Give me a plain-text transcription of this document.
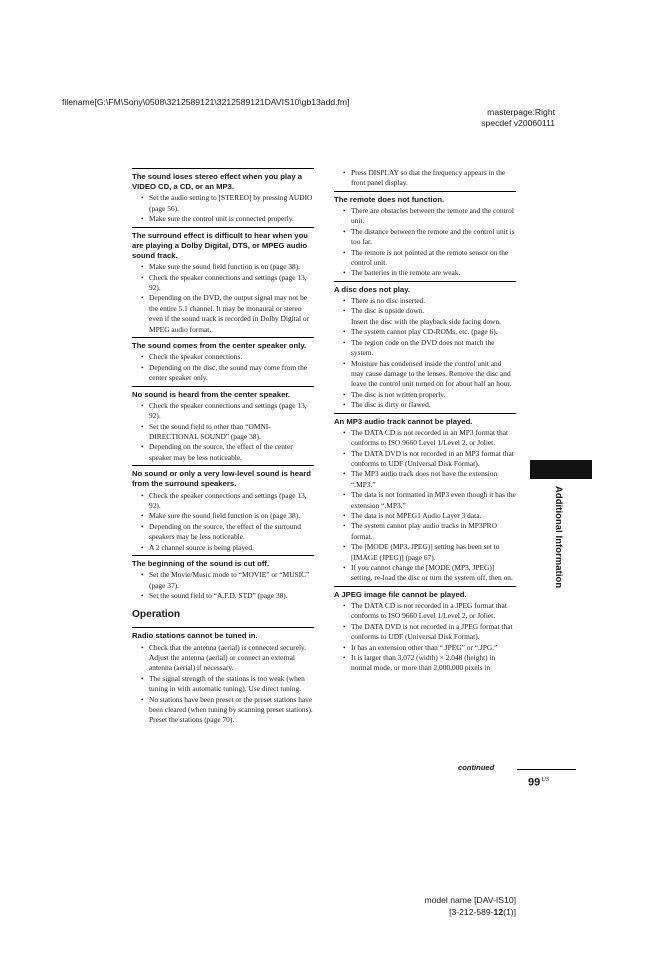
filename[G:\FM\Sony\0508\3212589121\3212589121DAVIS10\gb13add.fm]
masterpage:Right
specdef v20060111
The sound loses stereo effect when you play a VIDEO CD, a CD, or an MP3.
• Set the audio setting to [STEREO] by pressing AUDIO (page 56).
• Make sure the control unit is connected properly.
The surround effect is difficult to hear when you are playing a Dolby Digital, DTS, or MPEG audio sound track.
• Make sure the sound field function is on (page 38).
• Check the speaker connections and settings (page 13, 92).
• Depending on the DVD, the output signal may not be the entire 5.1 channel. It may be monaural or stereo even if the sound track is recorded in Dolby Digital or MPEG audio format.
The sound comes from the center speaker only.
• Check the speaker connections.
• Depending on the disc, the sound may come from the center speaker only.
No sound is heard from the center speaker.
• Check the speaker connections and settings (page 13, 92).
• Set the sound field to other than “OMNI-DIRECTIONAL SOUND” (page 38).
• Depending on the source, the effect of the center speaker may be less noticeable.
No sound or only a very low-level sound is heard from the surround speakers.
• Check the speaker connections and settings (page 13, 92).
• Make sure the sound field function is on (page 38).
• Depending on the source, the effect of the surround speakers may be less noticeable.
• A 2 channel source is being played.
The beginning of the sound is cut off.
• Set the Movie/Music mode to “MOVIE” or “MUSIC” (page 37).
• Set the sound field to “A.F.D. STD” (page 38).
Operation
Radio stations cannot be tuned in.
• Check that the antenna (aerial) is connected securely. Adjust the antenna (aerial) or connect an external antenna (aerial) if necessary.
• The signal strength of the stations is too weak (when tuning in with automatic tuning). Use direct tuning.
• No stations have been preset or the preset stations have been cleared (when tuning by scanning preset stations). Preset the stations (page 70).
• Press DISPLAY so that the frequency appears in the front panel display.
The remote does not function.
• There are obstacles between the remote and the control unit.
• The distance between the remote and the control unit is too far.
• The remote is not pointed at the remote sensor on the control unit.
• The batteries in the remote are weak.
A disc does not play.
• There is no disc inserted.
• The disc is upside down.
Insert the disc with the playback side facing down.
• The system cannot play CD-ROMs, etc. (page 6).
• The region code on the DVD does not match the system.
• Moisture has condensed inside the control unit and may cause damage to the lenses. Remove the disc and leave the control unit turned on for about half an hour.
• The disc is not written properly.
• The disc is dirty or flawed.
An MP3 audio track cannot be played.
• The DATA CD is not recorded in an MP3 format that conforms to ISO 9660 Level 1/Level 2, or Joliet.
• The DATA DVD is not recorded in an MP3 format that conforms to UDF (Universal Disk Format).
• The MP3 audio track does not have the extension “.MP3.”
• The data is not formatted in MP3 even though it has the extension “.MP3.”
• The data is not MPEG1 Audio Layer 3 data.
• The system cannot play audio tracks in MP3PRO format.
• The [MODE (MP3, JPEG)] setting has been set to [IMAGE (JPEG)] (page 67).
• If you cannot change the [MODE (MP3, JPEG)] setting, re-load the disc or turn the system off, then on.
A JPEG image file cannot be played.
• The DATA CD is not recorded in a JPEG format that conforms to ISO 9660 Level 1/Level 2, or Joliet.
• The DATA DVD is not recorded in a JPEG format that conforms to UDF (Universal Disk Format).
• It has an extension other than “.JPEG” or “.JPG.”
• It is larger than 3,072 (width) × 2,048 (height) in normal mode, or more than 2,000,000 pixels in
Additional Information
continued
$99^{US}$
model name [DAV-IS10]
[3-212-589-12(1)]
